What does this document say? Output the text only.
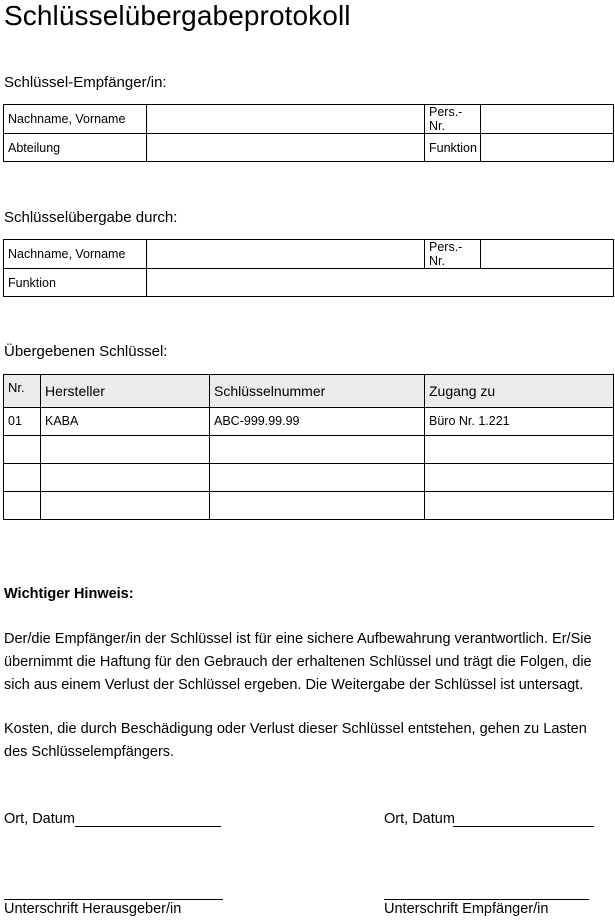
Schlüsselübergabeprotokoll
Schlüssel-Empfänger/in:
Nachname, Vorname		Pers.-Nr.	
Abteilung		Funktion	
Schlüsselübergabe durch:
Nachname, Vorname		Pers.-Nr.	
Funktion			
Übergebenen Schlüssel:
Nr.	Hersteller	Schlüsselnummer	Zugang zu
01	KABA	ABC-999.99.99	Büro Nr. 1.221

Wichtiger Hinweis:
Der/die Empfänger/in der Schlüssel ist für eine sichere Aufbewahrung verantwortlich. Er/Sie übernimmt die Haftung für den Gebrauch der erhaltenen Schlüssel und trägt die Folgen, die sich aus einem Verlust der Schlüssel ergeben. Die Weitergabe der Schlüssel ist untersagt.
Kosten, die durch Beschädigung oder Verlust dieser Schlüssel entstehen, gehen zu Lasten des Schlüsselempfängers.
Ort, Datum	Ort, Datum
Unterschrift Herausgeber/in	Unterschrift Empfänger/in
